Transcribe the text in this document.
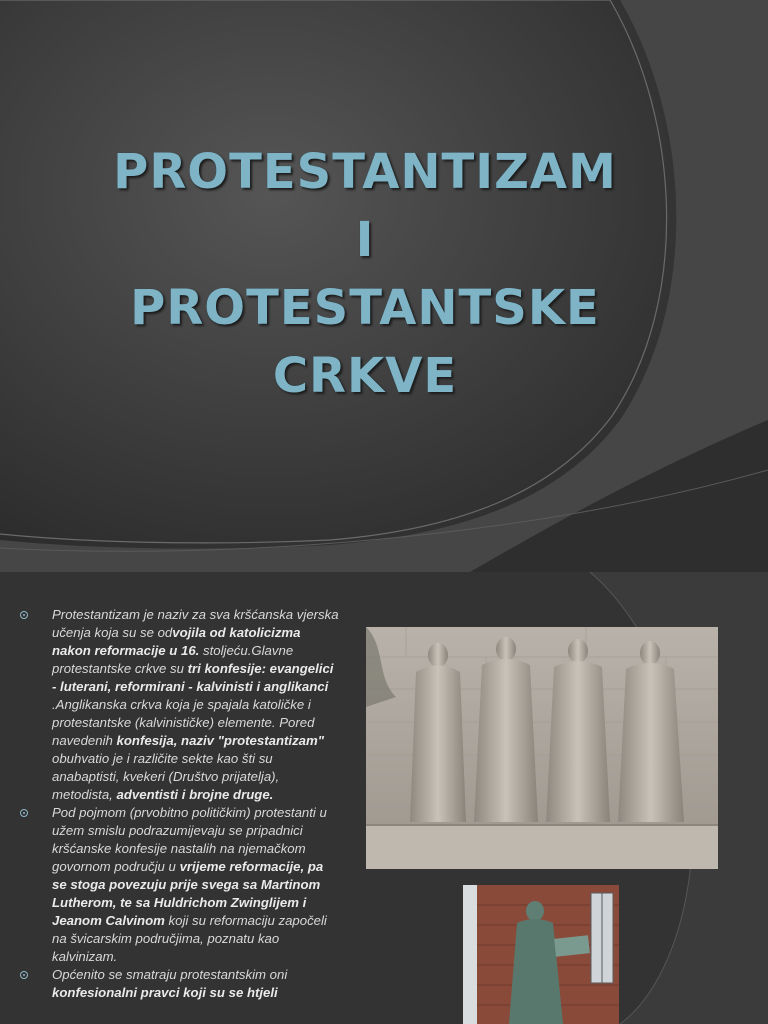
PROTESTANTIZAM
I
PROTESTANTSKE
CRKVE
Protestantizam je naziv za sva kršćanska vjerska učenja koja su se odvojila od katolicizma nakon reformacije u 16. stoljeću.Glavne protestantske crkve su tri konfesije: evangelici - luterani, reformirani - kalvinisti i anglikanci .Anglikanska crkva koja je spajala katoličke i protestantske (kalvinističke) elemente. Pored navedenih konfesija, naziv "protestantizam" obuhvatio je i različite sekte kao šti su anabaptisti, kvekeri (Društvo prijatelja), metodista, adventisti i brojne druge.
Pod pojmom (prvobitno političkim) protestanti u užem smislu podrazumijevaju se pripadnici kršćanske konfesije nastalih na njemačkom govornom području u vrijeme reformacije, pa se stoga povezuju prije svega sa Martinom Lutherom, te sa Huldrichom Zwinglijem i Jeanom Calvinom koji su reformaciju započeli na švicarskim područjima, poznatu kao kalvinizam.
Općenito se smatraju protestantskim oni konfesionalni pravci koji su se htjeli
